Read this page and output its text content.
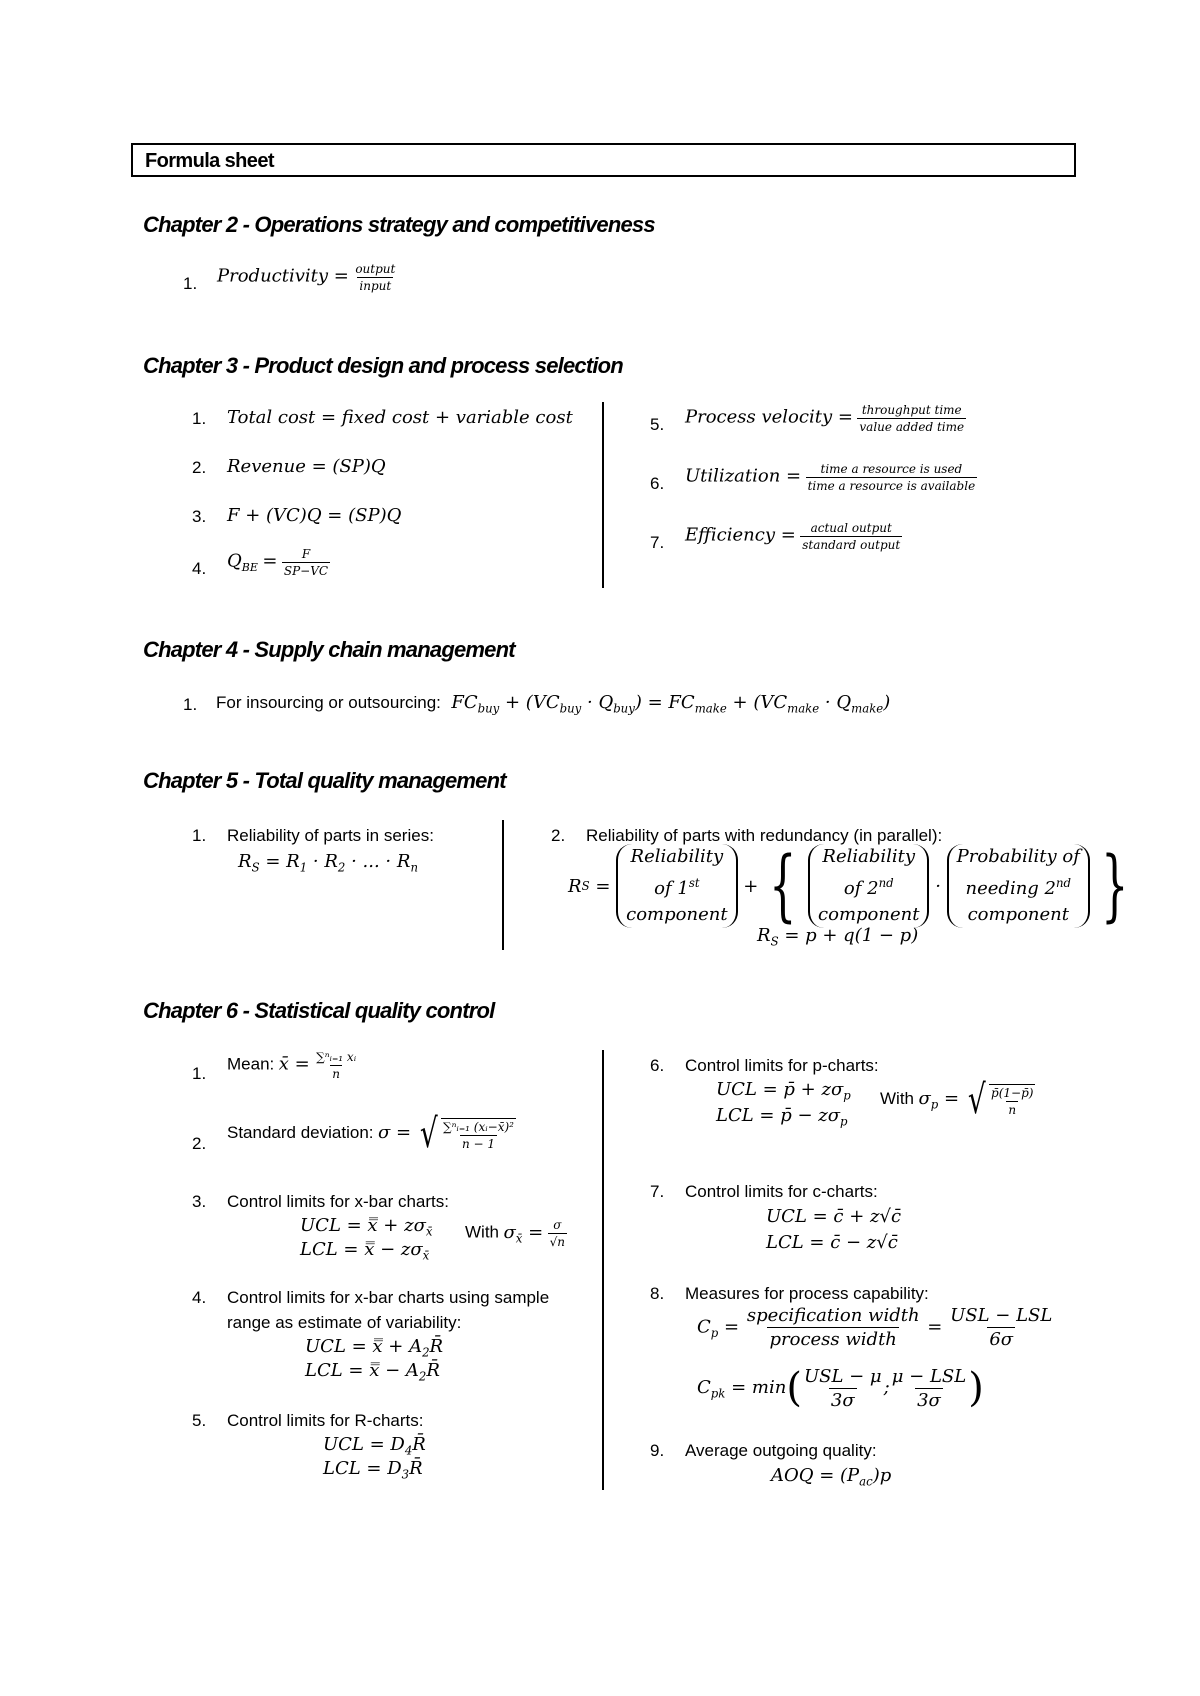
Formula sheet
Chapter 2 - Operations strategy and competitiveness
1. Productivity = output
input
Chapter 3 - Product design and process selection
1. Total cost = fixed cost + variable cost
2. Revenue = (SP)Q
3. F + (VC)Q = (SP)Q
4. $Q_{BE} = \frac{F}{SP-VC}$
5. Process velocity = throughput time
value added time
6. Utilization = time a resource is used
time a resource is available
7. Efficiency = actual output
standard output
Chapter 4 - Supply chain management
1. For insourcing or outsourcing: $FC_{buy} + (VC_{buy} \cdot Q_{buy}) = FC_{make} + (VC_{make} \cdot Q_{make})$
Chapter 5 - Total quality management
1. Reliability of parts in series:
$R_S = R_1 \cdot R_2$ · ... · $R_n$
2. Reliability of parts with redundancy (in parallel):
R S
=

Reliability
of 1st
component

+ { Reliability
of 2nd
component

·

Probability of
needing 2nd
component }
$R_S = p + q(1 - p)$
Chapter 6 - Statistical quality control
1. Mean: x̄ = $\frac{\text{∑ⁿᵢ₌₁ xᵢ}}{n}$
2.
Standard deviation: σ = √ $\frac{\text{∑ⁿᵢ₌₁ (xᵢ−x̄)²}}{n - 1}$
3. Control limits for x-bar charts:
UCL = x̿ + $z\sigma_{x̄}$
LCL = x̿ − $z\sigma_{x̄}$
With $\sigma_{x̄} = \frac{\sigma}{√n}$
4. Control limits for x-bar charts using sample
range as estimate of variability:
UCL = x̿ + $A_2R̄$
LCL = x̿ − $A_2R̄$
5. Control limits for R-charts:
UCL = $D_4R̄$
LCL = $D_3R̄$
6. Control limits for p-charts:
UCL = p̄ + $z\sigma_p$
LCL = p̄ − $z\sigma_p$
With $\sigma_p$ = √ $\frac{p̄(1-p̄)}{n}$
7. Control limits for c-charts:
UCL = c̄ + z√c̄
LCL = c̄ − z√c̄
8. Measures for process capability:
$C_p$ =
specification width
process width
=
USL − LSL
6σ
$C_{pk} = \min$( USL − μ
3σ
;
μ − LSL
3σ )
9. Average outgoing quality:
AOQ = $(P_{ac})p$
